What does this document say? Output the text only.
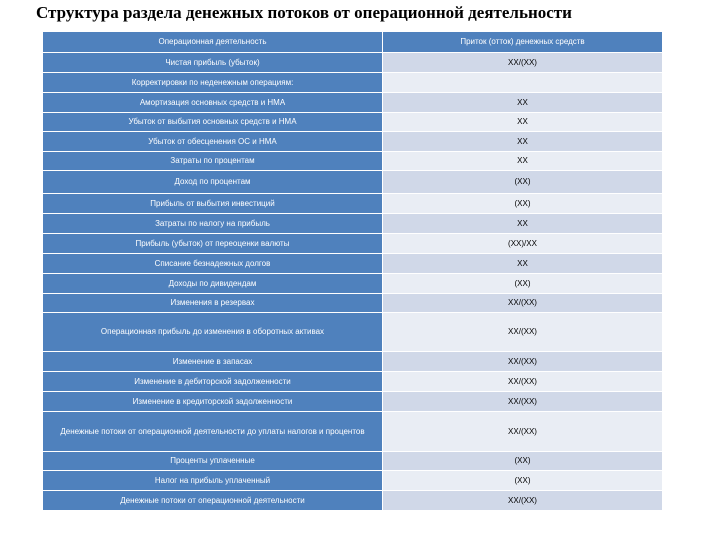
Структура раздела денежных потоков от операционной деятельности
Операционная деятельность	Приток (отток) денежных средств
Чистая прибыль (убыток)	XX/(XX)
Корректировки по неденежным операциям:	
Амортизация основных средств и НМА	XX
Убыток от выбытия основных средств и НМА	XX
Убыток от обесценения ОС и НМА	XX
Затраты по процентам	XX
Доход по процентам	(XX)
Прибыль от выбытия инвестиций	(XX)
Затраты по налогу на прибыль	XX
Прибыль (убыток) от переоценки валюты	(XX)/XX
Списание безнадежных долгов	XX
Доходы по дивидендам	(XX)
Изменения в резервах	XX/(XX)
Операционная прибыль до изменения в оборотных активах	XX/(XX)
Изменение в запасах	XX/(XX)
Изменение в дебиторской задолженности	XX/(XX)
Изменение в кредиторской задолженности	XX/(XX)
Денежные потоки от операционной деятельности до уплаты налогов и процентов	XX/(XX)
Проценты уплаченные	(XX)
Налог на прибыль уплаченный	(XX)
Денежные потоки от операционной деятельности	XX/(XX)
